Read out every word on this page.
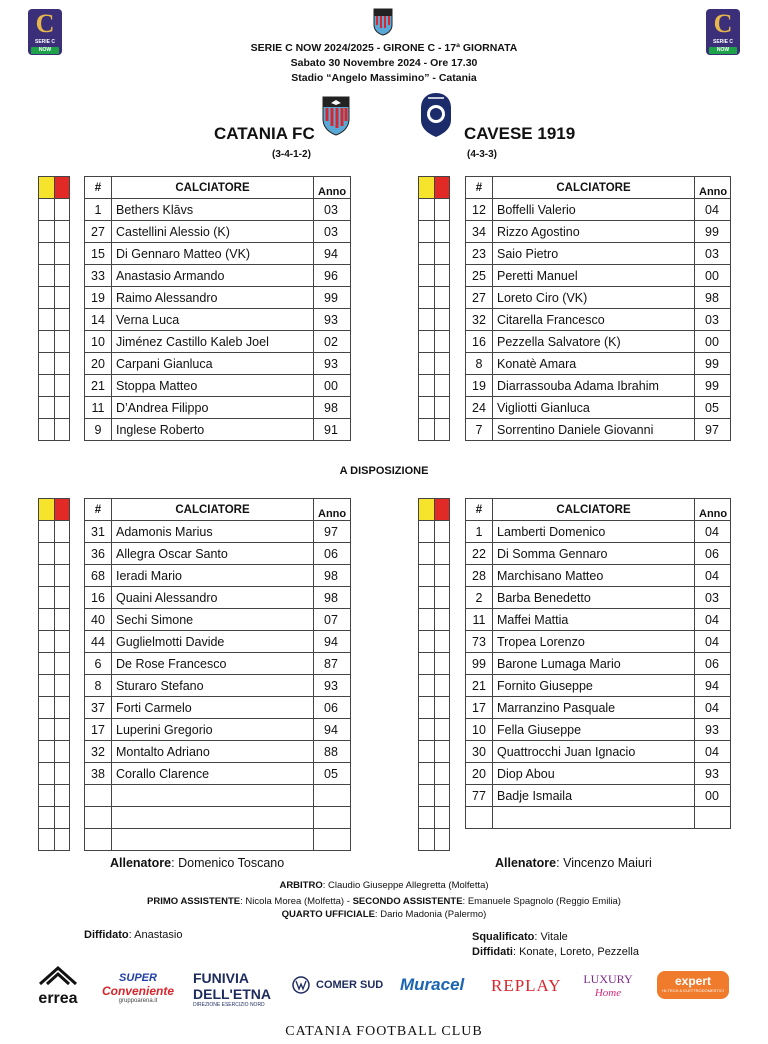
C
SERIE C
NOW
C
SERIE C
NOW
SERIE C NOW 2024/2025 - GIRONE C - 17ª GIORNATA
Sabato 30 Novembre 2024 - Ore 17.30
Stadio “Angelo Massimino” - Catania
CATANIA FC	CAVESE 1919
(3-4-1-2)	(4-3-3)

#	CALCIATORE	Anno
1	Bethers Klāvs	03
27	Castellini Alessio (K)	03
15	Di Gennaro Matteo (VK)	94
33	Anastasio Armando	96
19	Raimo Alessandro	99
14	Verna Luca	93
10	Jiménez Castillo Kaleb Joel	02
20	Carpani Gianluca	93
21	Stoppa Matteo	00
11	D’Andrea Filippo	98
9	Inglese Roberto	91
#	CALCIATORE	Anno
12	Boffelli Valerio	04
34	Rizzo Agostino	99
23	Saio Pietro	03
25	Peretti Manuel	00
27	Loreto Ciro (VK)	98
32	Citarella Francesco	03
16	Pezzella Salvatore (K)	00
8	Konatè Amara	99
19	Diarrassouba Adama Ibrahim	99
24	Vigliotti Gianluca	05
7	Sorrentino Daniele Giovanni	97
A DISPOSIZIONE
#	CALCIATORE	Anno
31	Adamonis Marius	97
36	Allegra Oscar Santo	06
68	Ieradi Mario	98
16	Quaini Alessandro	98
40	Sechi Simone	07
44	Guglielmotti Davide	94
6	De Rose Francesco	87
8	Sturaro Stefano	93
37	Forti Carmelo	06
17	Luperini Gregorio	94
32	Montalto Adriano	88
38	Corallo Clarence	05

#	CALCIATORE	Anno
1	Lamberti Domenico	04
22	Di Somma Gennaro	06
28	Marchisano Matteo	04
2	Barba Benedetto	03
11	Maffei Mattia	04
73	Tropea Lorenzo	04
99	Barone Lumaga Mario	06
21	Fornito Giuseppe	94
17	Marranzino Pasquale	04
10	Fella Giuseppe	93
30	Quattrocchi Juan Ignacio	04
20	Diop Abou	93
77	Badje Ismaila	00

Allenatore: Domenico Toscano	Allenatore: Vincenzo Maiuri
ARBITRO: Claudio Giuseppe Allegretta (Molfetta)
PRIMO ASSISTENTE: Nicola Morea (Molfetta) - SECONDO ASSISTENTE: Emanuele Spagnolo (Reggio Emilia)
QUARTO UFFICIALE: Dario Madonia (Palermo)
Diffidato: Anastasio	Squalificato: Vitale
Diffidati: Konate, Loreto, Pezzella
errea
SUPER
Conveniente
gruppoarena.it
FUNIVIA
DELL'ETNA
DIREZIONE ESERCIZIO NORD
COMER SUD Muracel REPLAY	LUXURY
Home
expert
HI-TECH & ELETTRODOMESTICI
CATANIA FOOTBALL CLUB
